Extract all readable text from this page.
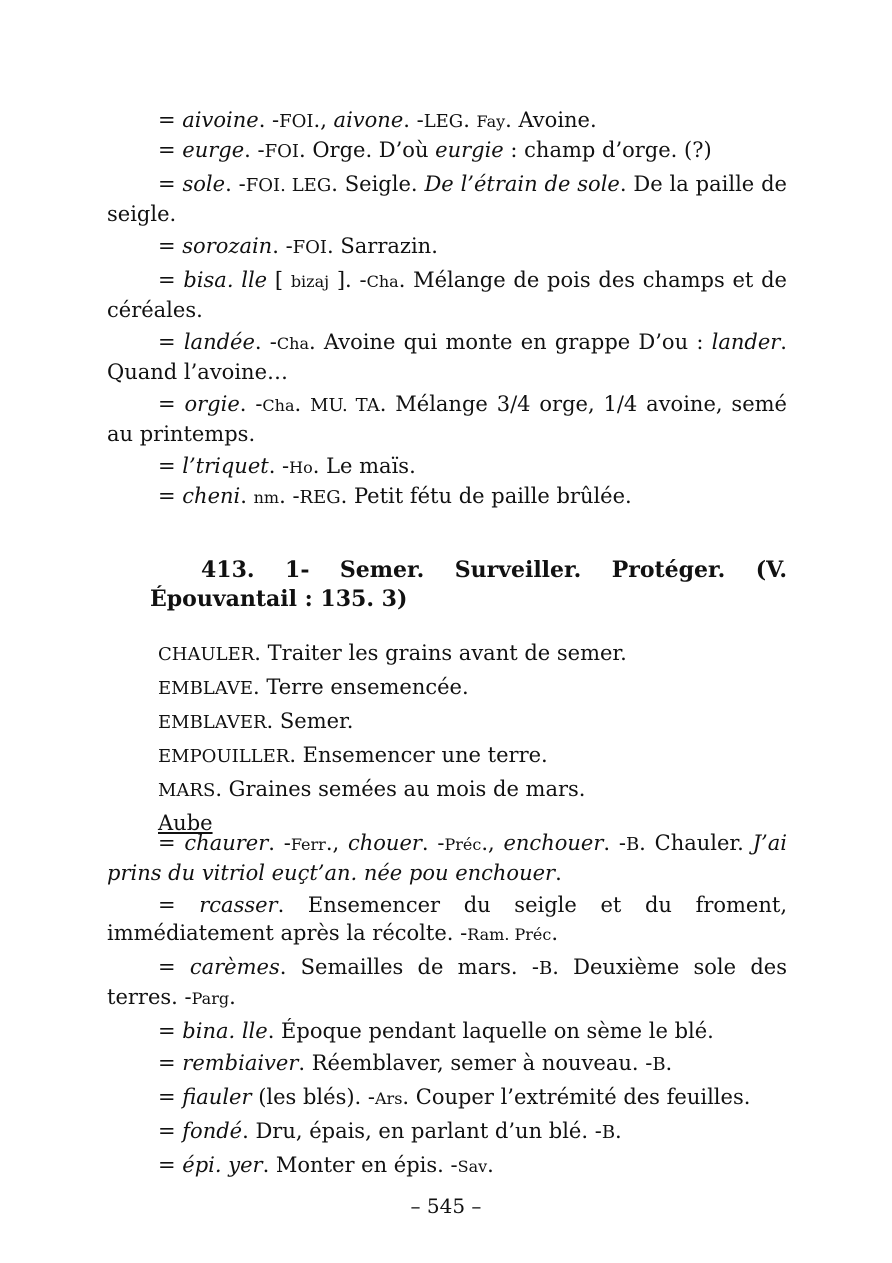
= aivoine. -FOI., aivone. -LEG. Fay. Avoine.

= eurge. -FOI. Orge. D’où eurgie : champ d’orge. (?)

= sole. -FOI. LEG. Seigle. De l’étrain de sole. De la paille de seigle.

= sorozain. -FOI. Sarrazin.

= bisa. lle [ bizaj ]. -Cha. Mélange de pois des champs et de céréales.

= landée. -Cha. Avoine qui monte en grappe D’ou : lander. Quand l’avoine…

= orgie. -Cha. MU. TA. Mélange 3/4 orge, 1/4 avoine, semé au printemps.

= l’triquet. -Ho. Le maïs.

= cheni. nm. -REG. Petit fétu de paille brûlée.

413. 1- Semer. Surveiller. Protéger. (V.
Épouvantail : 135. 3)

CHAULER. Traiter les grains avant de semer.

EMBLAVE. Terre ensemencée.

EMBLAVER. Semer.

EMPOUILLER. Ensemencer une terre.

MARS. Graines semées au mois de mars.

Aube

= chaurer. -Ferr., chouer. -Préc., enchouer. -B. Chauler. J’ai prins du vitriol euçt’an. née pou enchouer.

= rcasser. Ensemencer du seigle et du froment, immédiatement après la récolte. -Ram. Préc.

= carèmes. Semailles de mars. -B. Deuxième sole des terres. -Parg.

= bina. lle. Époque pendant laquelle on sème le blé.

= rembiaiver. Réemblaver, semer à nouveau. -B.

= fiauler (les blés). -Ars. Couper l’extrémité des feuilles.

= fondé. Dru, épais, en parlant d’un blé. -B.

= épi. yer. Monter en épis. -Sav.

– 545 –
